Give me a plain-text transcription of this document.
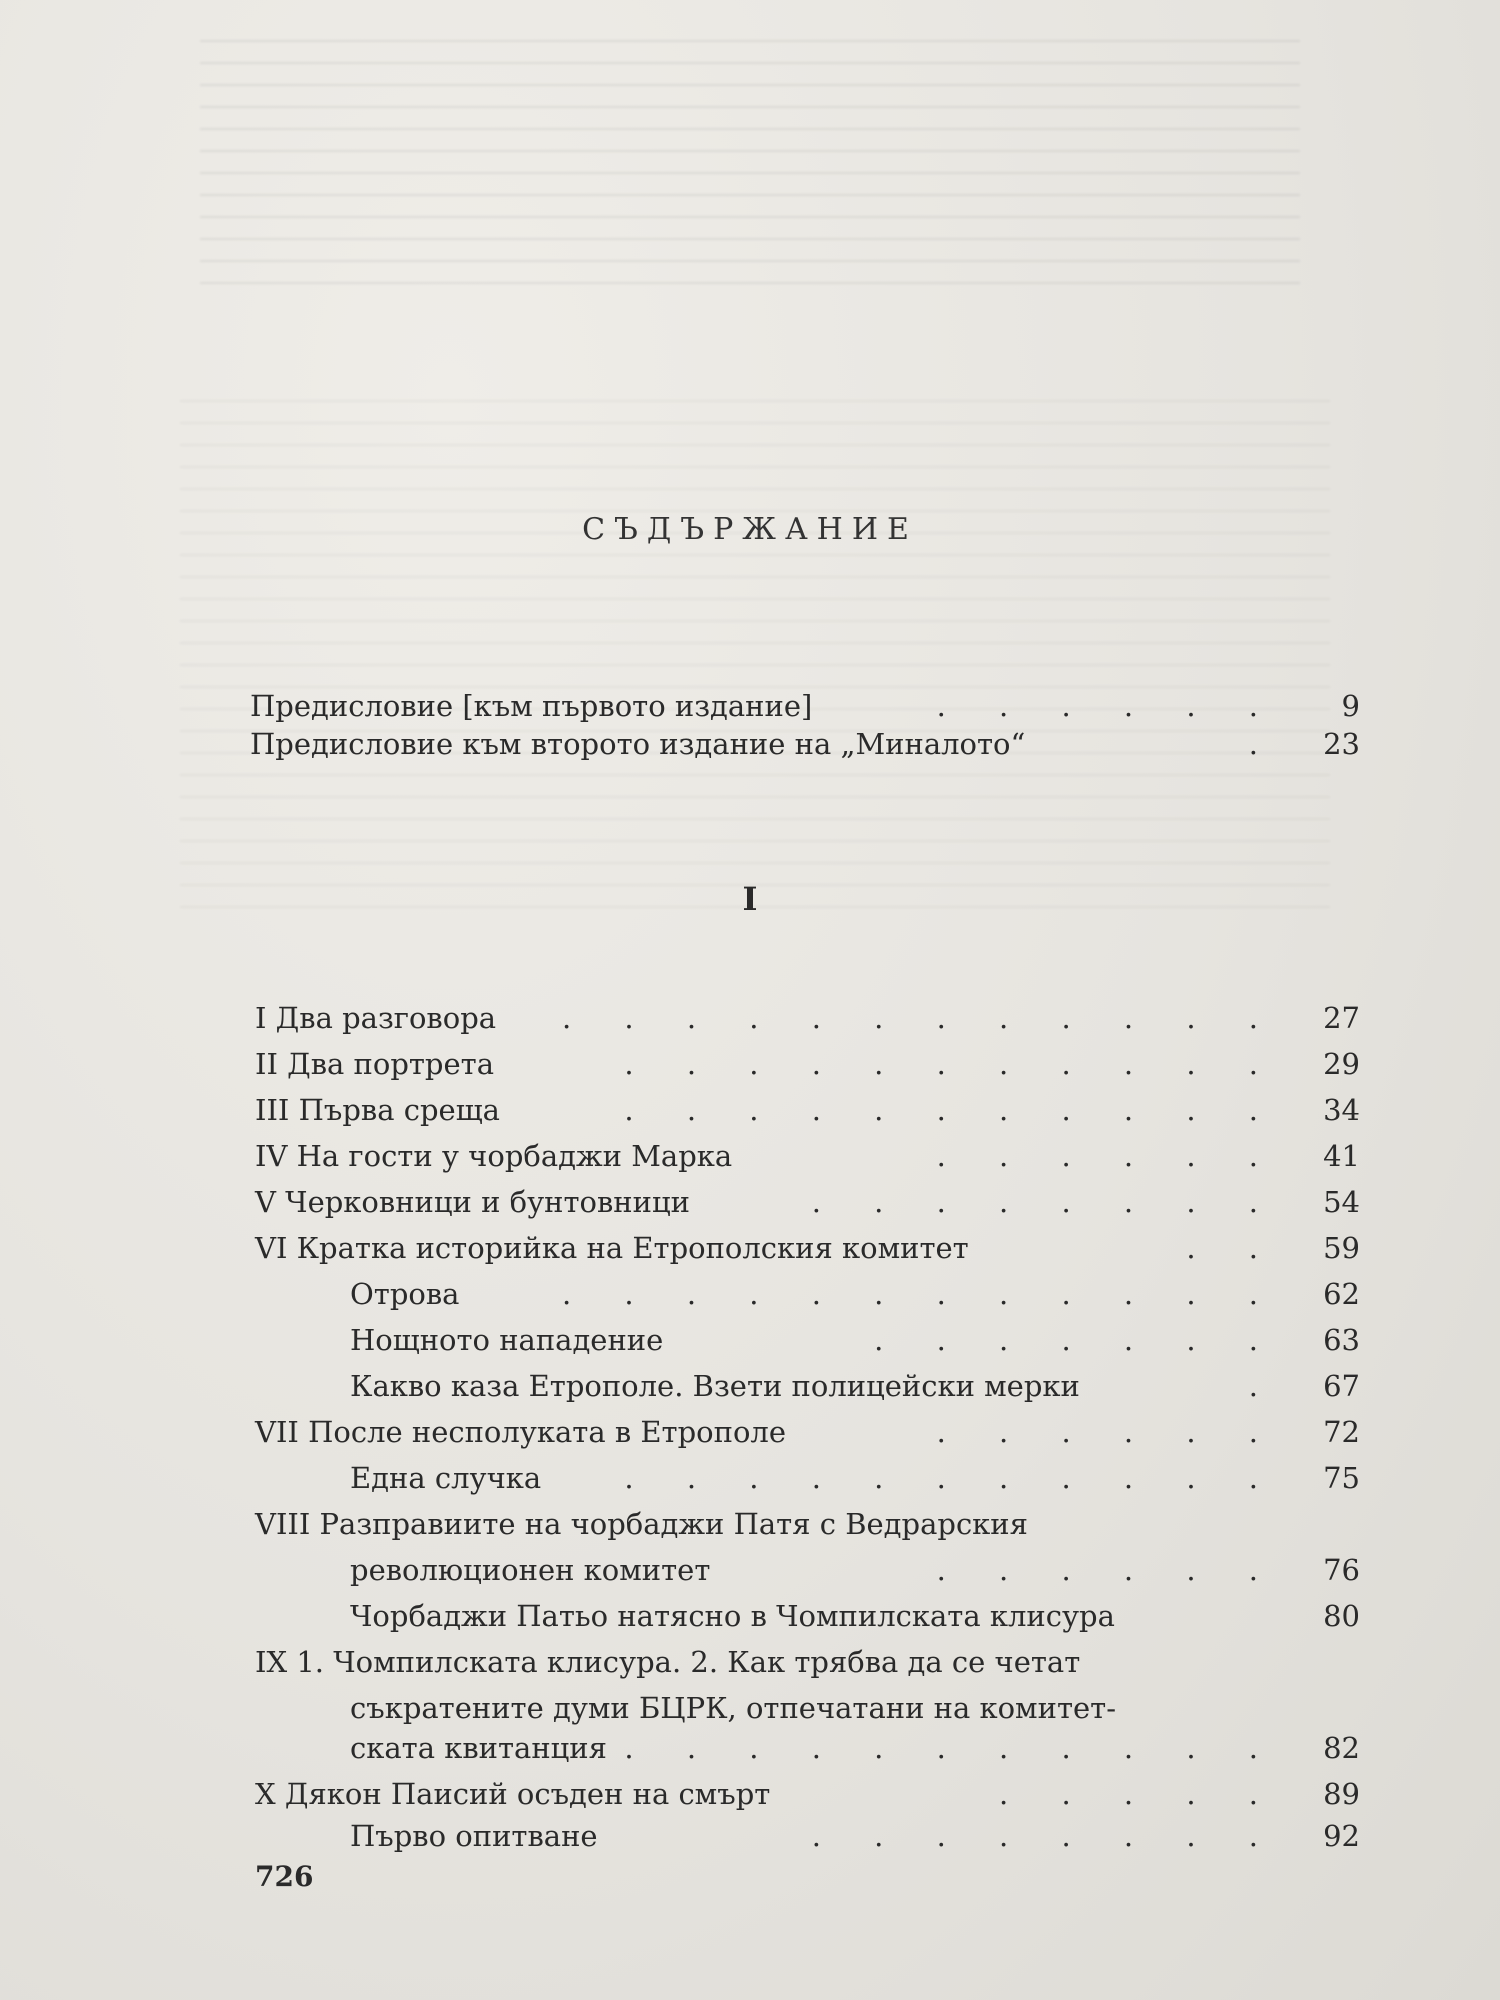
СЪДЪРЖАНИЕ
Предисловие [към първото издание]	. . . . . .	9
Предисловие към второто издание на „Миналото“	.	23
I
I Два разговора . . . . . . . . . . . .	27
II Два портрета	. . . . . . . . . . .	29
III Първа среща	. . . . . . . . . . .	34
IV На гости у чорбаджи Марка	. . . . . .	41
V Черковници и бунтовници	. . . . . . . .	54
VI Кратка историйка на Етрополския комитет	. .	59
Отрова	. . . . . . . . . . . .	62
Нощното нападение	. . . . . . .	63
Какво каза Етрополе. Взети полицейски мерки	.	67
VII После несполуката в Етрополе	. . . . . .	72
Една случка	. . . . . . . . . . .	75
VIII Разправиите на чорбаджи Патя с Ведрарския
революционен комитет	. . . . . .	76
Чорбаджи Патьо натясно в Чомпилската клисура	80
IX 1. Чомпилската клисура. 2. Как трябва да се четат
съкратените думи БЦРК, отпечатани на комитет-
ската квитанция . . . . . . . . . . .	82
X Дякон Паисий осъден на смърт	. . . . .	89
Първо опитване	. . . . . . . .	92
726
